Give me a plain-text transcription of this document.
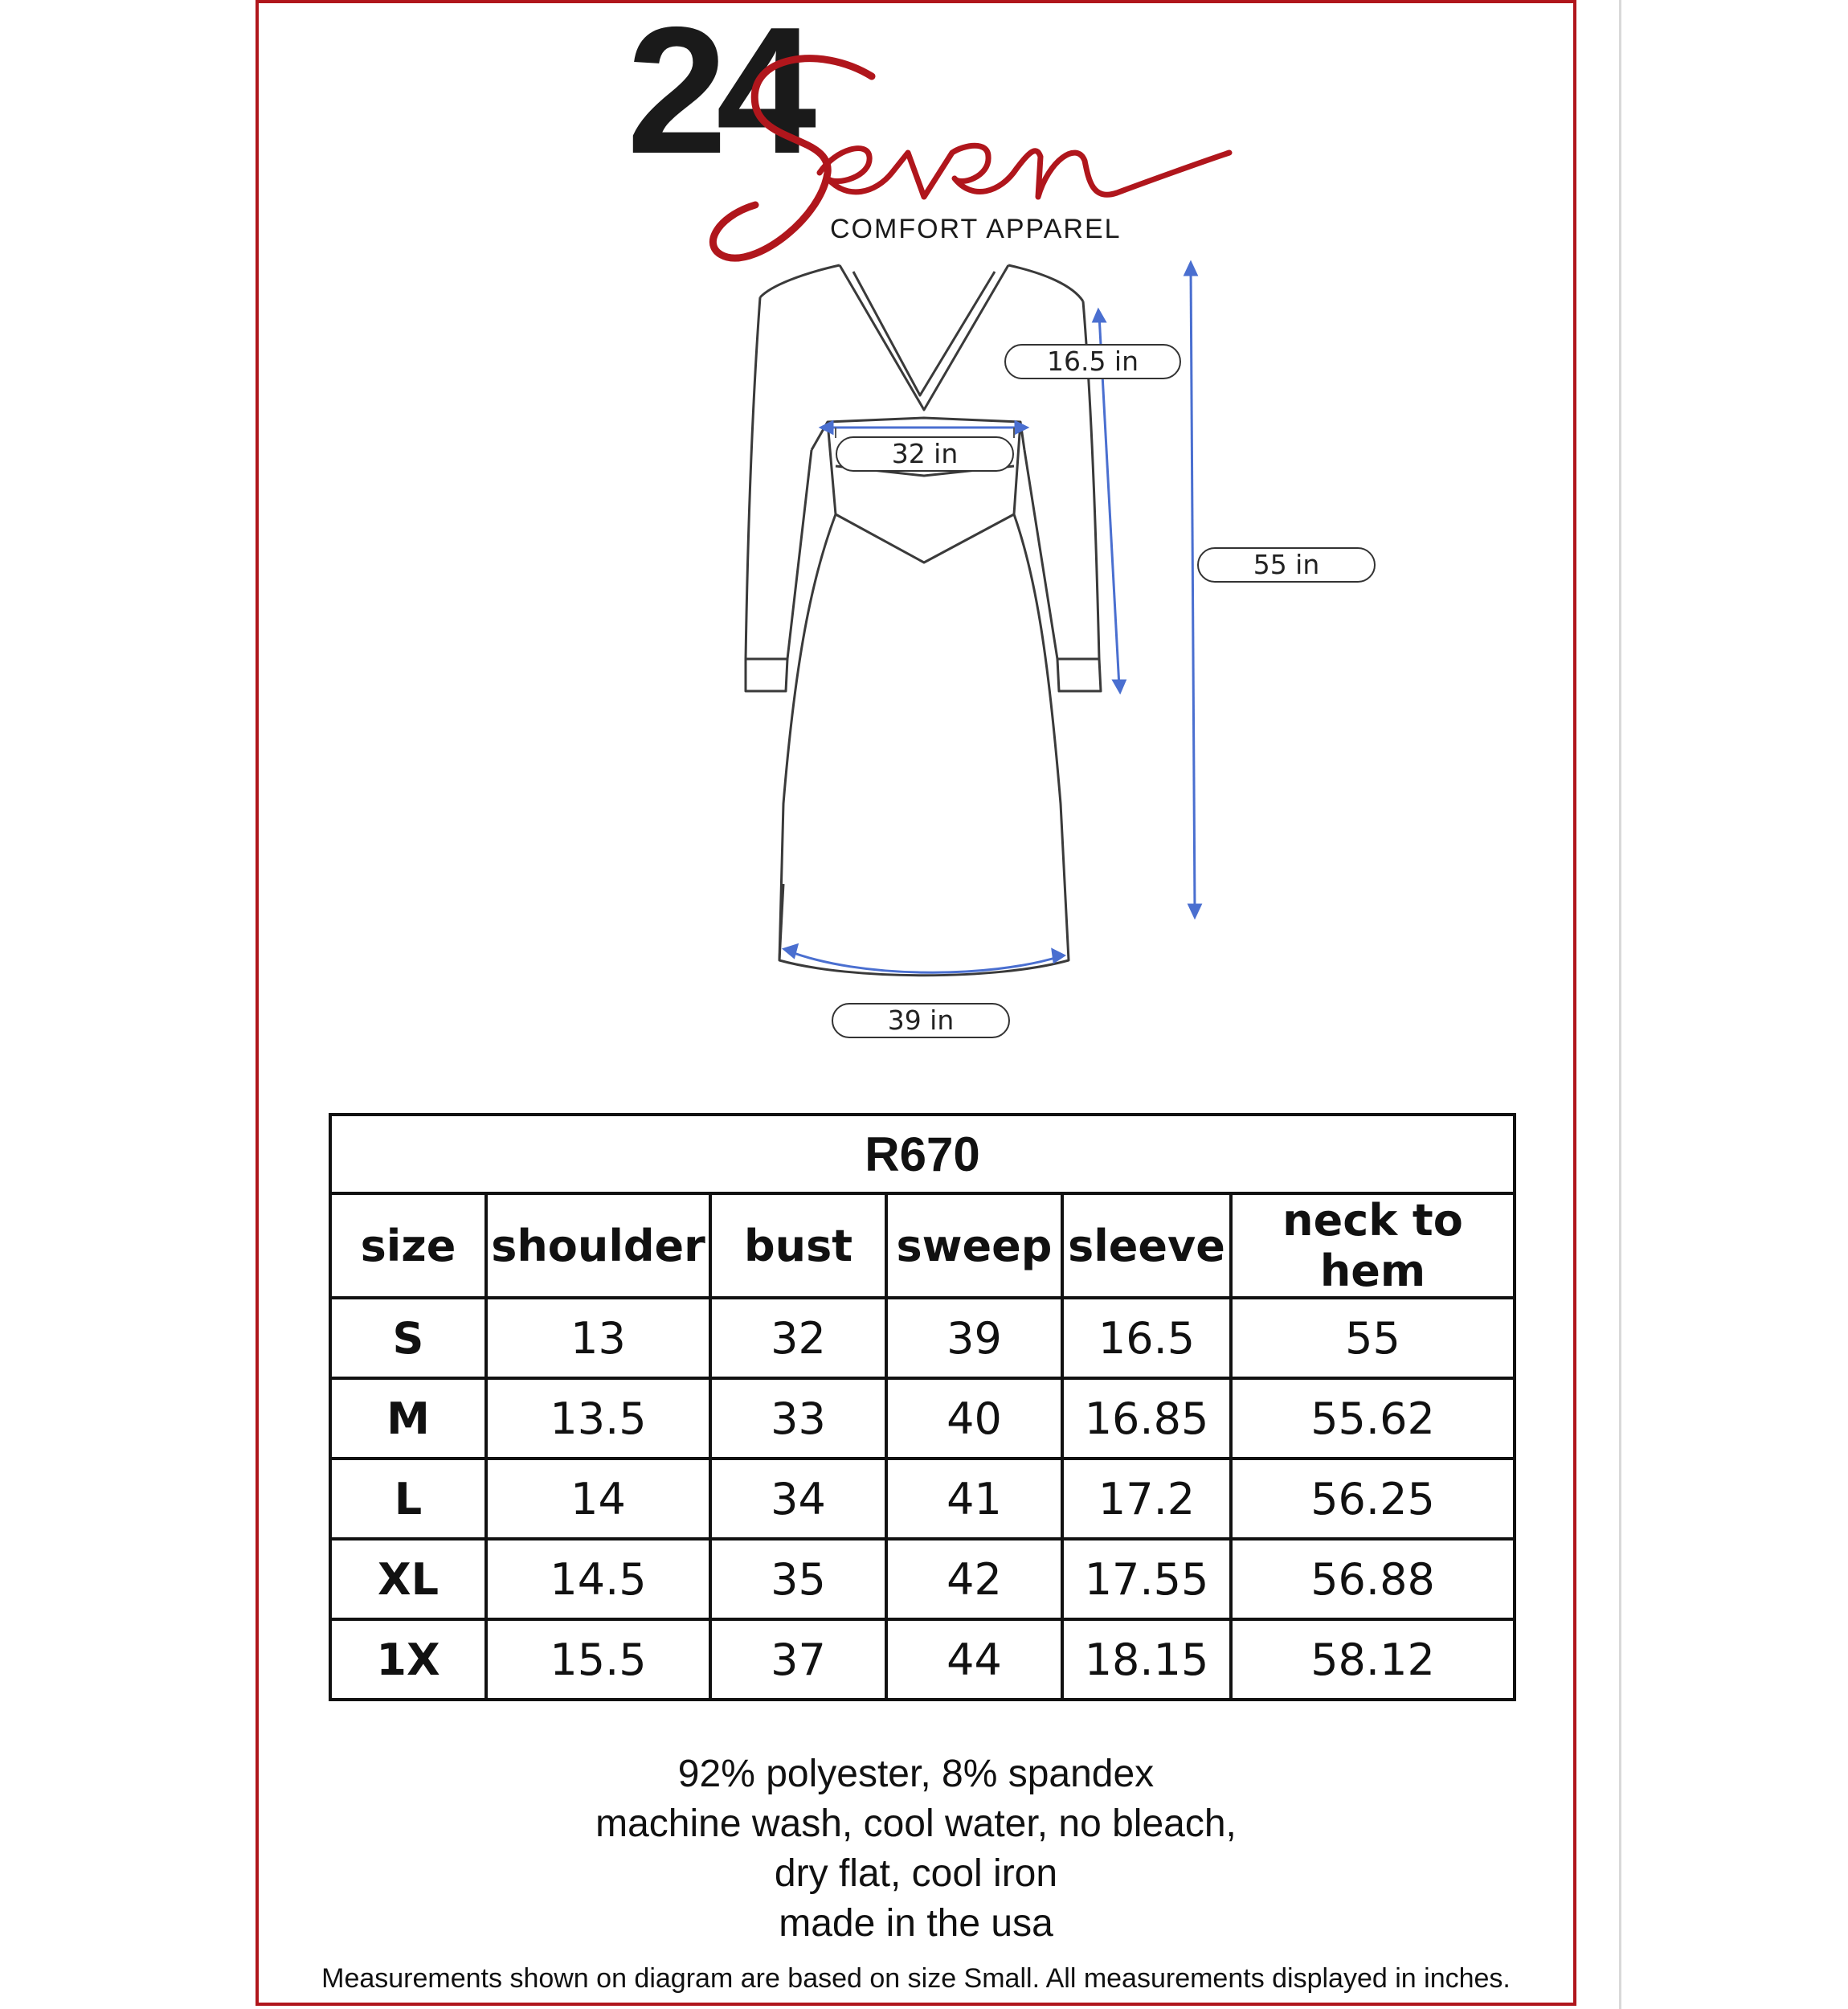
24
COMFORT APPAREL
16.5 in
32 in
55 in
39 in
R670					
size	shoulder	bust	sweep	sleeve	neck to hem
S	13	32	39	16.5	55
M	13.5	33	40	16.85	55.62
L	14	34	41	17.2	56.25
XL	14.5	35	42	17.55	56.88
1X	15.5	37	44	18.15	58.12
92% polyester, 8% spandex
machine wash, cool water, no bleach,
dry flat, cool iron
made in the usa
Measurements shown on diagram are based on size Small. All measurements displayed in inches.
